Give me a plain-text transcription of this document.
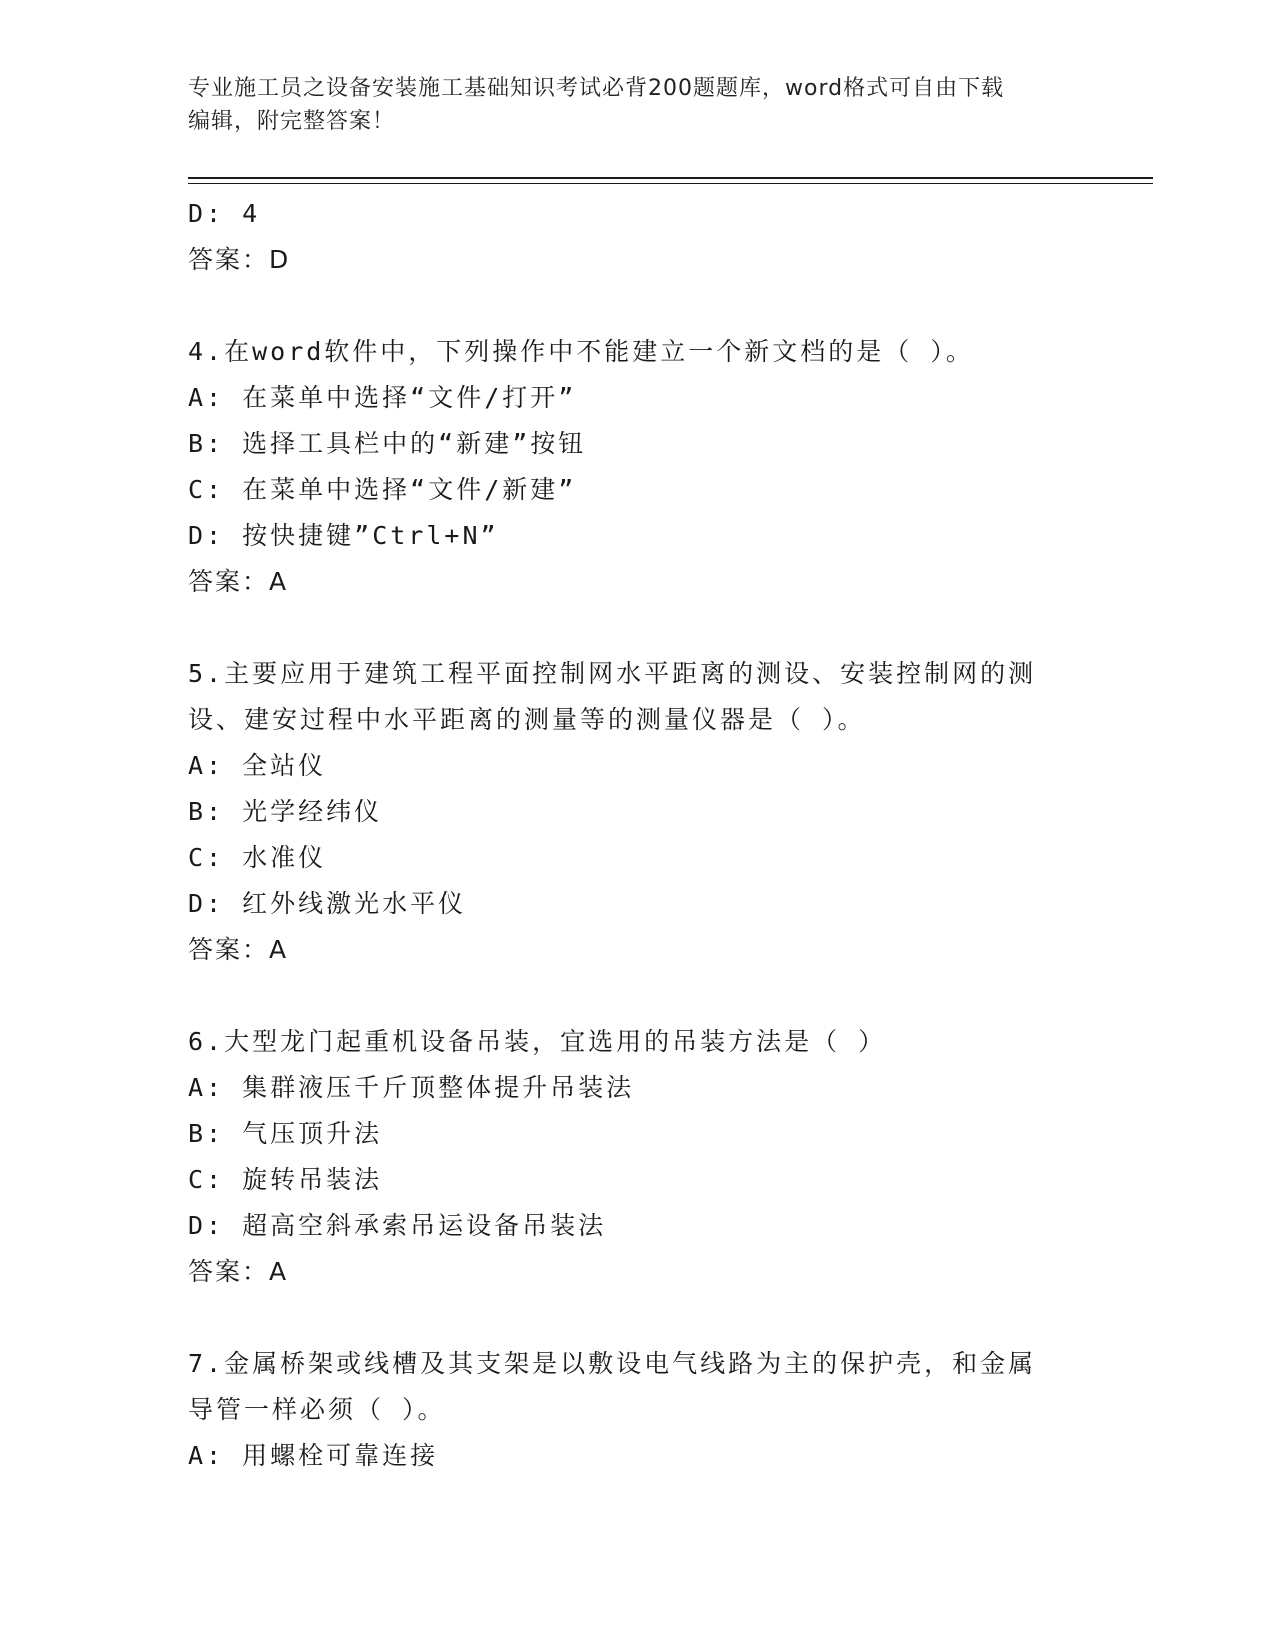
专业施工员之设备安装施工基础知识考试必背200题题库，word格式可自由下载
编辑，附完整答案！
D: 4
答案：D
4.在word软件中，下列操作中不能建立一个新文档的是（ ）。
A: 在菜单中选择“文件/打开”
B: 选择工具栏中的“新建”按钮
C: 在菜单中选择“文件/新建”
D: 按快捷键”Ctrl+N”
答案：A
5.主要应用于建筑工程平面控制网水平距离的测设、安装控制网的测
设、建安过程中水平距离的测量等的测量仪器是（ ）。
A: 全站仪
B: 光学经纬仪
C: 水准仪
D: 红外线激光水平仪
答案：A
6.大型龙门起重机设备吊装，宜选用的吊装方法是（ ）
A: 集群液压千斤顶整体提升吊装法
B: 气压顶升法
C: 旋转吊装法
D: 超高空斜承索吊运设备吊装法
答案：A
7.金属桥架或线槽及其支架是以敷设电气线路为主的保护壳，和金属
导管一样必须（ ）。
A: 用螺栓可靠连接
